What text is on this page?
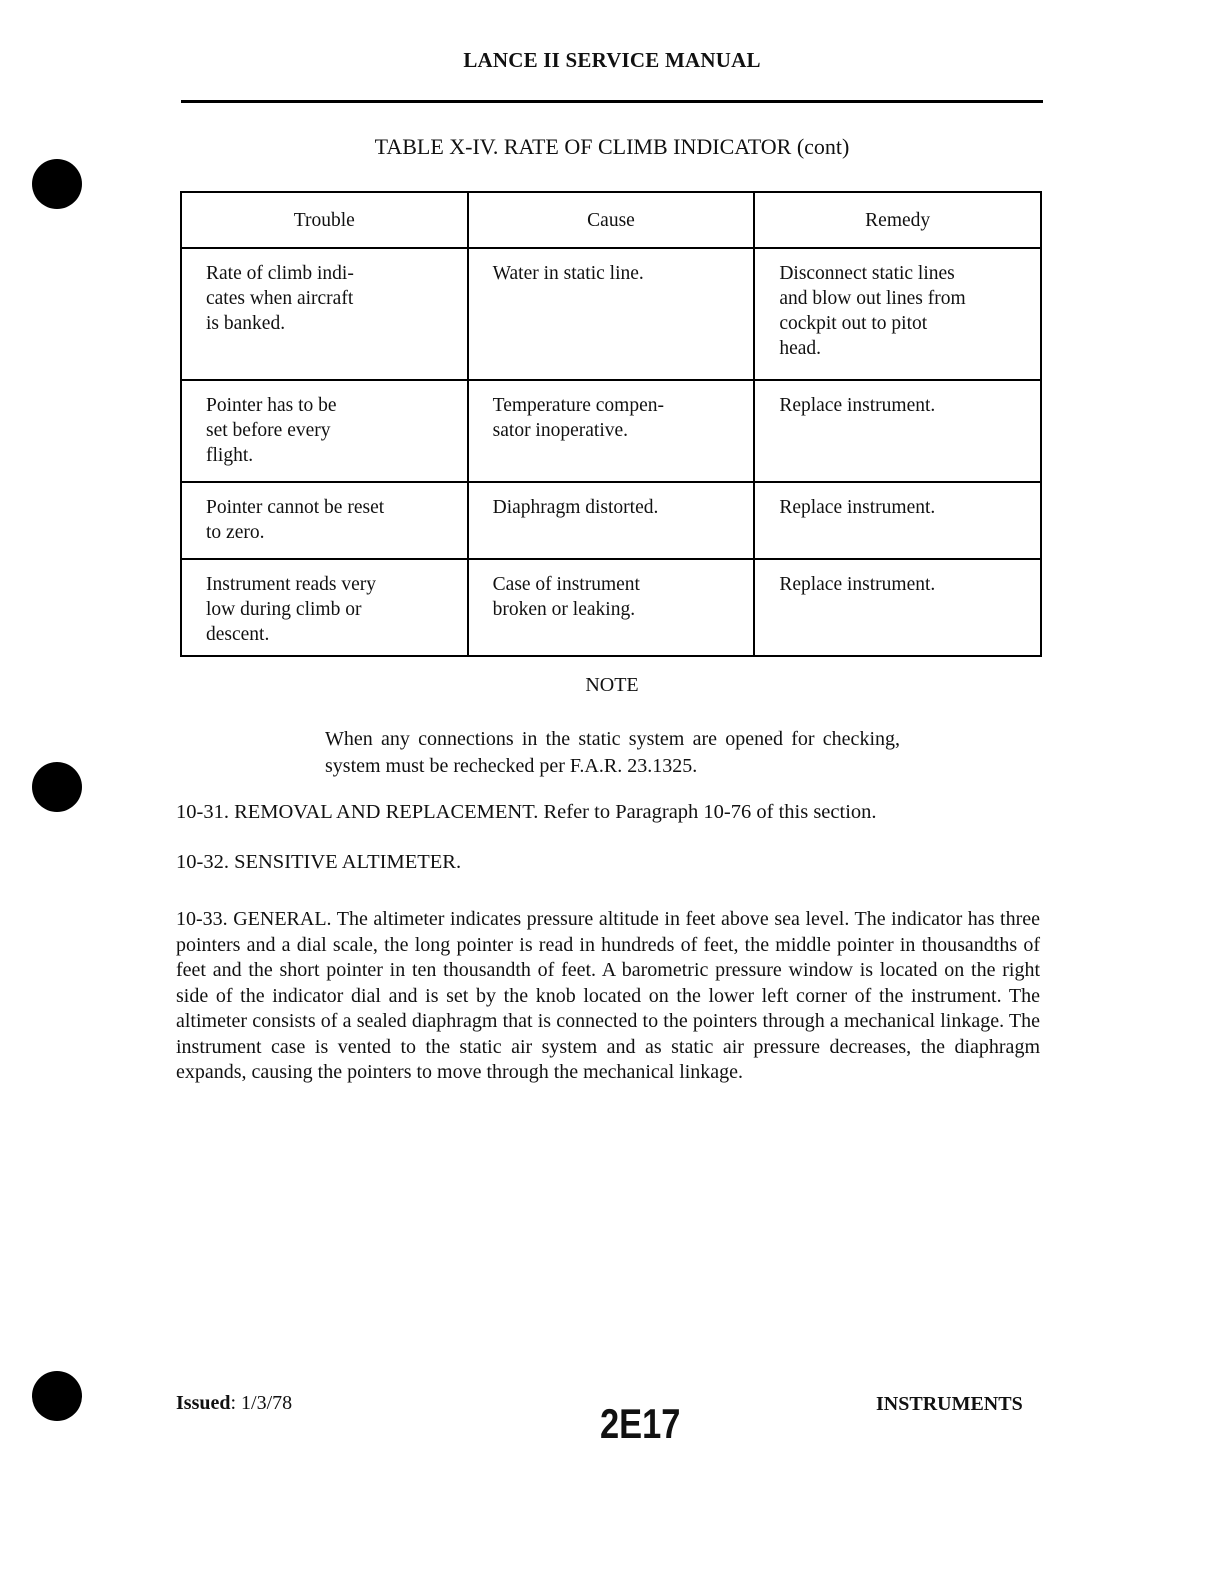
LANCE II SERVICE MANUAL
TABLE X-IV. RATE OF CLIMB INDICATOR (cont)
Trouble	Cause	Remedy

Rate of climb indi-
cates when aircraft
is banked.	Water in static line.	Disconnect static lines
and blow out lines from
cockpit out to pitot
head.

Pointer has to be
set before every
flight.	Temperature compen-
sator inoperative.	Replace instrument.

Pointer cannot be reset
to zero.	Diaphragm distorted.	Replace instrument.

Instrument reads very
low during climb or
descent.	Case of instrument
broken or leaking.	Replace instrument.
NOTE
When any connections in the static system are opened for checking, system must be rechecked per F.A.R. 23.1325.
10-31. REMOVAL AND REPLACEMENT. Refer to Paragraph 10-76 of this section.
10-32. SENSITIVE ALTIMETER.
10-33. GENERAL. The altimeter indicates pressure altitude in feet above sea level. The indicator has three pointers and a dial scale, the long pointer is read in hundreds of feet, the middle pointer in thousandths of feet and the short pointer in ten thousandth of feet. A barometric pressure window is located on the right side of the indicator dial and is set by the knob located on the lower left corner of the instrument. The altimeter consists of a sealed diaphragm that is connected to the pointers through a mechanical linkage. The instrument case is vented to the static air system and as static air pressure decreases, the diaphragm expands, causing the pointers to move through the mechanical linkage.
Issued: 1/3/78	2E17	INSTRUMENTS
